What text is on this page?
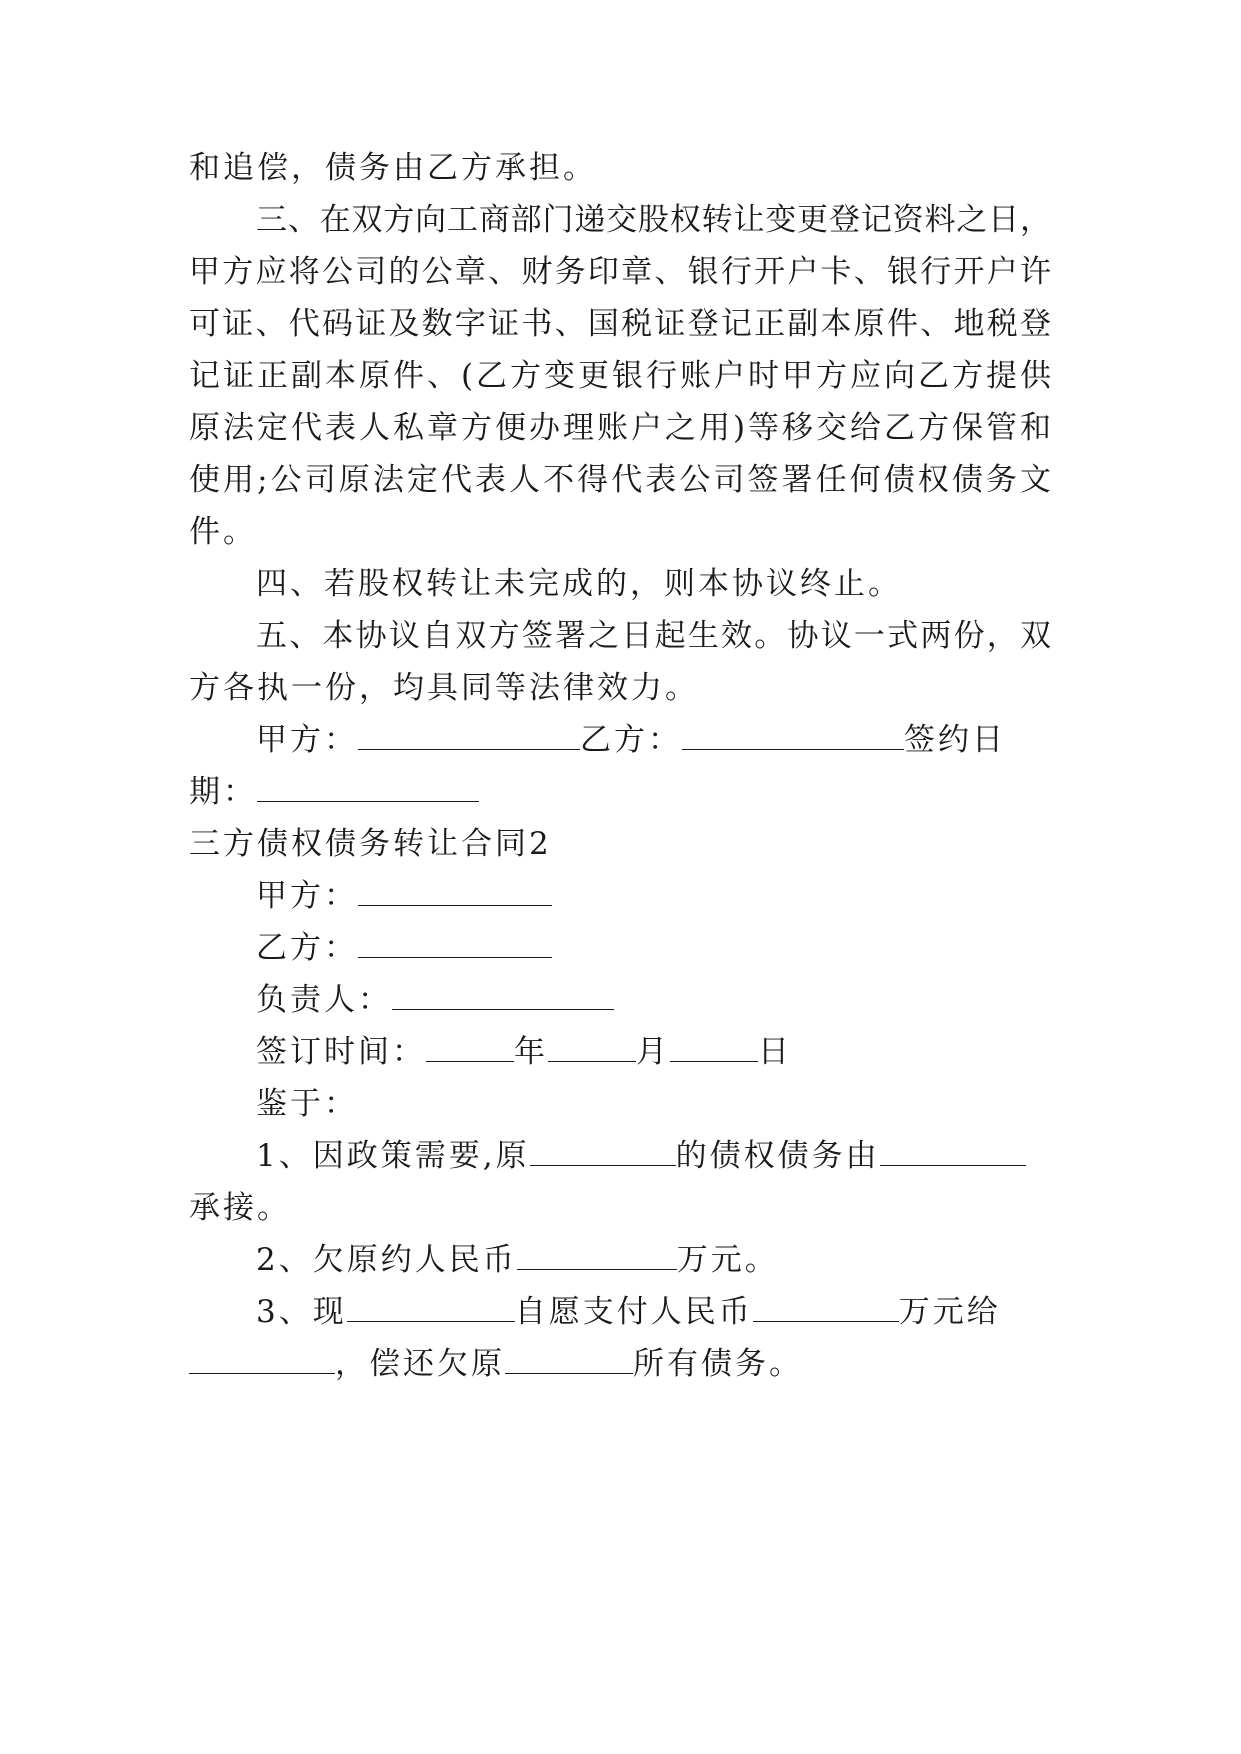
和追偿，债务由乙方承担。
三、在双方向工商部门递交股权转让变更登记资料之日，
甲方应将公司的公章、财务印章、银行开户卡、银行开户许
可证、代码证及数字证书、国税证登记正副本原件、地税登
记证正副本原件、(乙方变更银行账户时甲方应向乙方提供
原法定代表人私章方便办理账户之用)等移交给乙方保管和
使用;公司原法定代表人不得代表公司签署任何债权债务文
件。
四、若股权转让未完成的，则本协议终止。
五、本协议自双方签署之日起生效。协议一式两份，双
方各执一份，均具同等法律效力。
甲方：	乙方：	签约日
期：
三方债权债务转让合同2
甲方：
乙方：
负责人：
签订时间：	年	月	日
鉴于：
1、因政策需要,原	的债权债务由
承接。
2、欠原约人民币	万元。
3、现	自愿支付人民币	万元给
，偿还欠原	所有债务。
